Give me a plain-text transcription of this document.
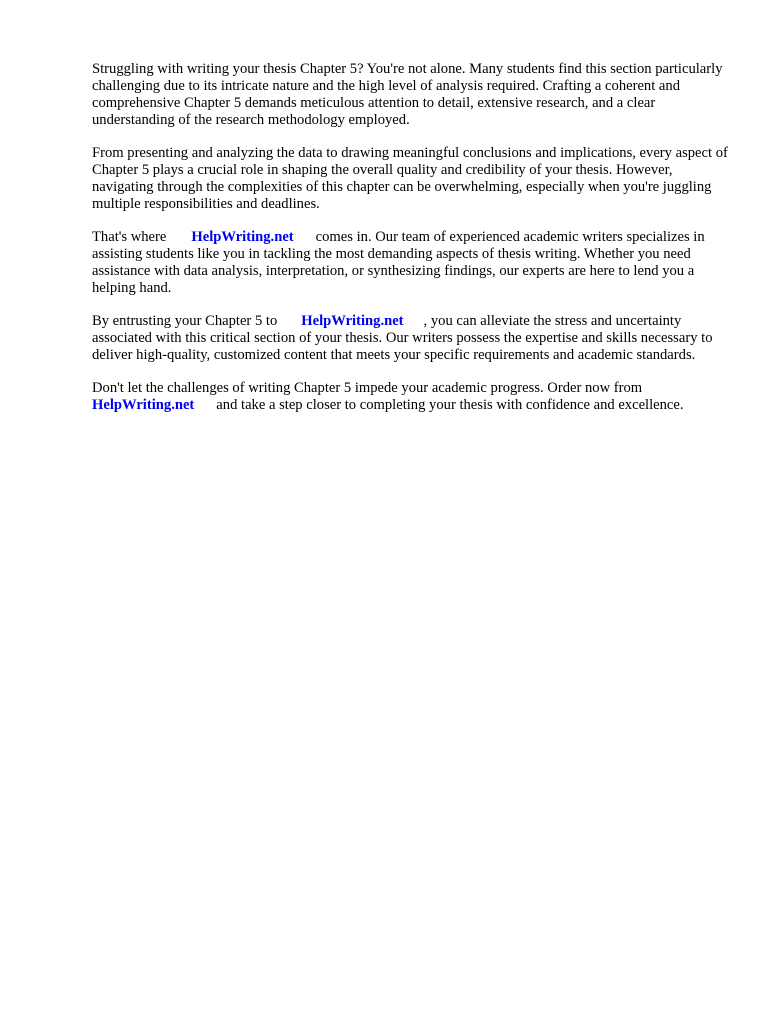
Struggling with writing your thesis Chapter 5? You're not alone. Many students find this section particularly challenging due to its intricate nature and the high level of analysis required. Crafting a coherent and comprehensive Chapter 5 demands meticulous attention to detail, extensive research, and a clear understanding of the research methodology employed.

From presenting and analyzing the data to drawing meaningful conclusions and implications, every aspect of Chapter 5 plays a crucial role in shaping the overall quality and credibility of your thesis. However, navigating through the complexities of this chapter can be overwhelming, especially when you're juggling multiple responsibilities and deadlines.

That's where HelpWriting.net comes in. Our team of experienced academic writers specializes in assisting students like you in tackling the most demanding aspects of thesis writing. Whether you need assistance with data analysis, interpretation, or synthesizing findings, our experts are here to lend you a helping hand.

By entrusting your Chapter 5 to HelpWriting.net , you can alleviate the stress and uncertainty associated with this critical section of your thesis. Our writers possess the expertise and skills necessary to deliver high-quality, customized content that meets your specific requirements and academic standards.

Don't let the challenges of writing Chapter 5 impede your academic progress. Order now from HelpWriting.net and take a step closer to completing your thesis with confidence and excellence.
